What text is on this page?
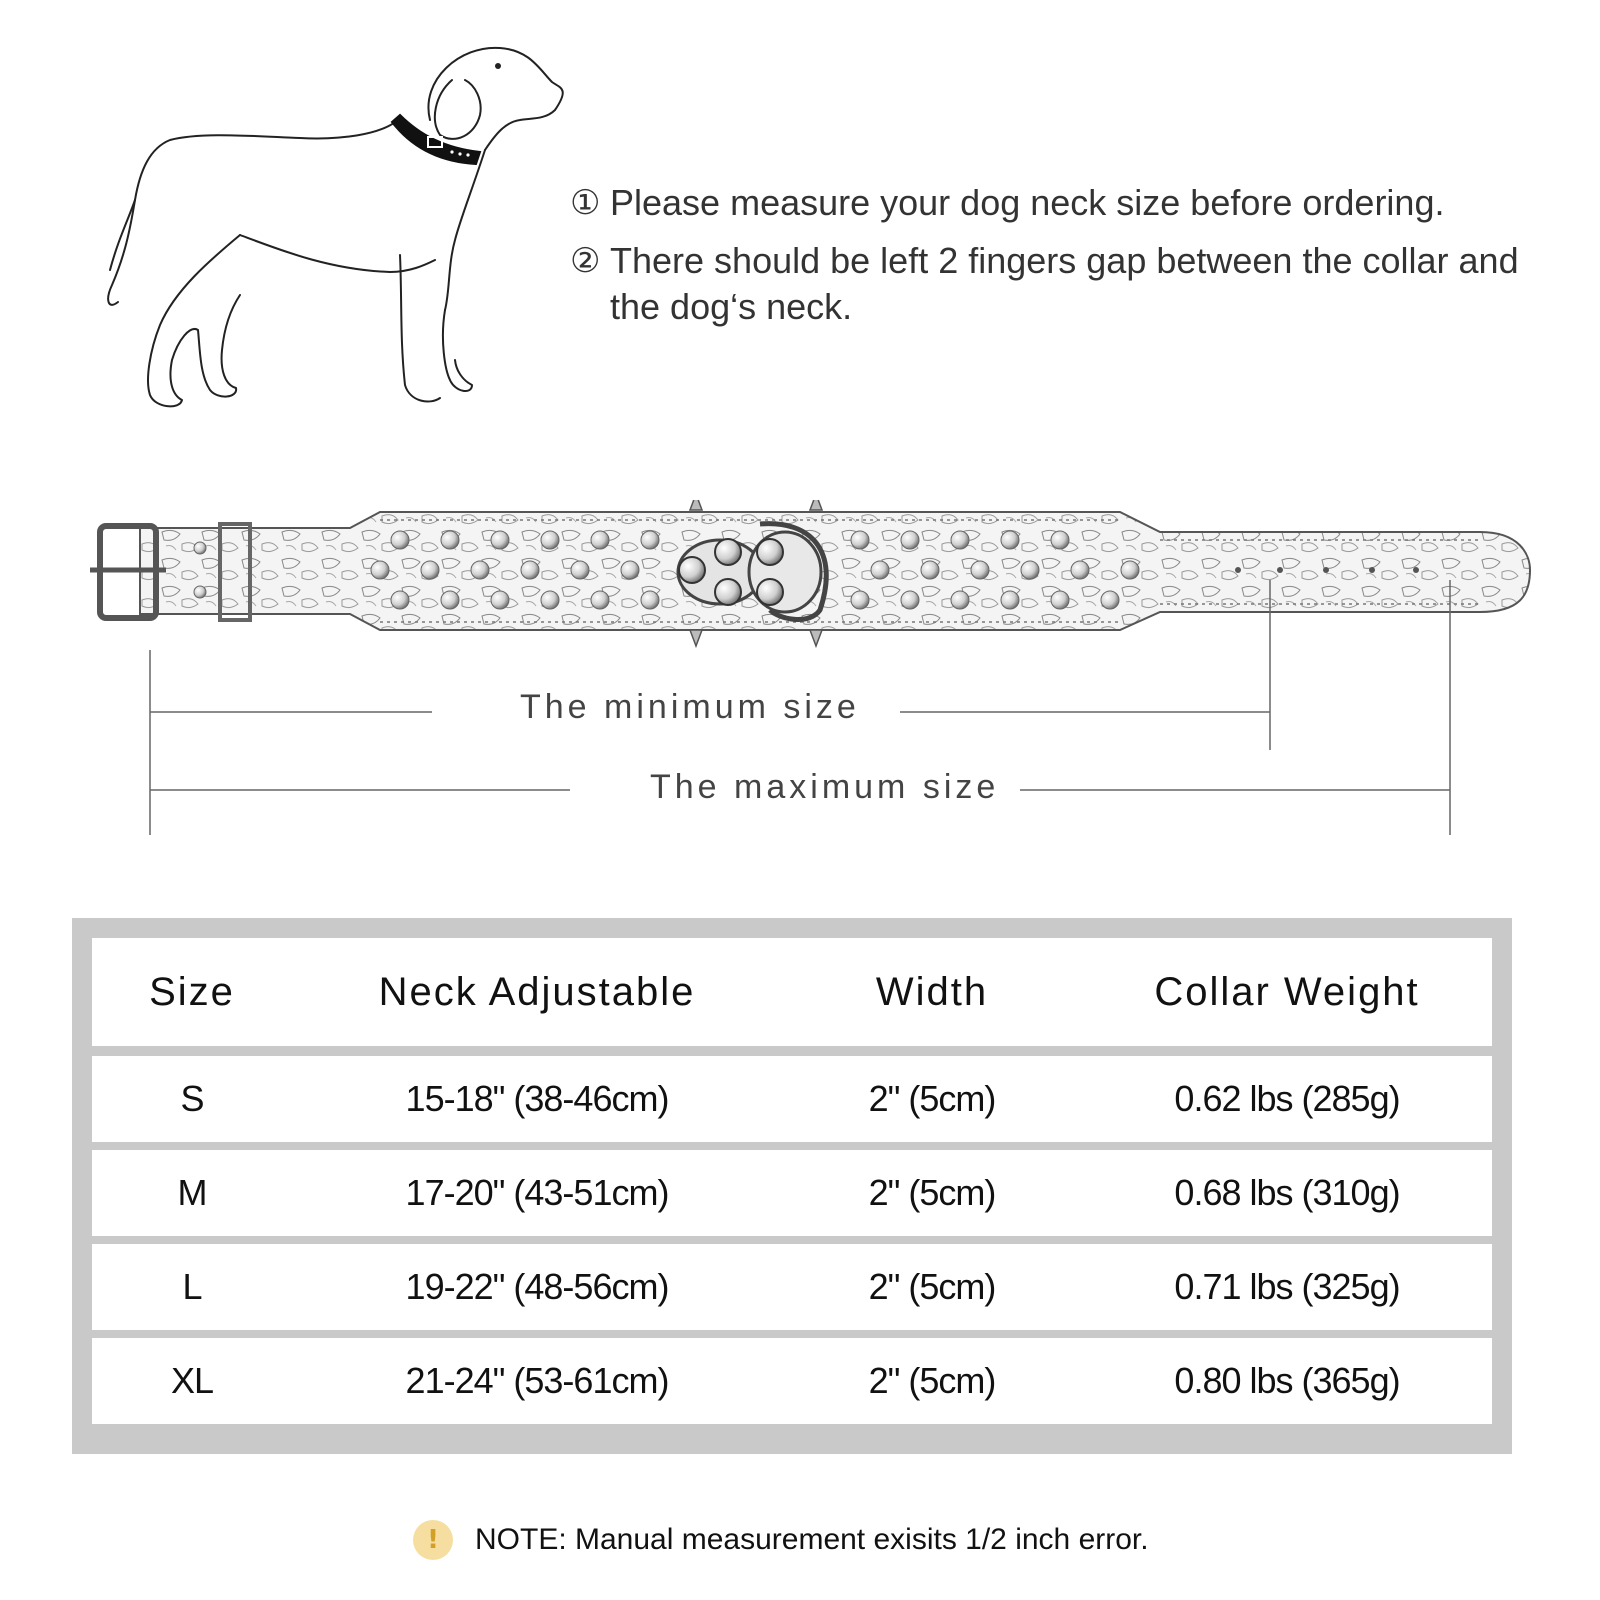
① Please measure your dog neck size before ordering.
② There should be left 2 fingers gap between the collar and the dog‘s neck.
The minimum size
The maximum size
Size	Neck Adjustable	Width	Collar Weight
S	15-18" (38-46cm)	2" (5cm)	0.62 lbs (285g)
M	17-20" (43-51cm)	2" (5cm)	0.68 lbs (310g)
L	19-22" (48-56cm)	2" (5cm)	0.71 lbs (325g)
XL	21-24" (53-61cm)	2" (5cm)	0.80 lbs (365g)
!	NOTE: Manual measurement exisits 1/2 inch error.
